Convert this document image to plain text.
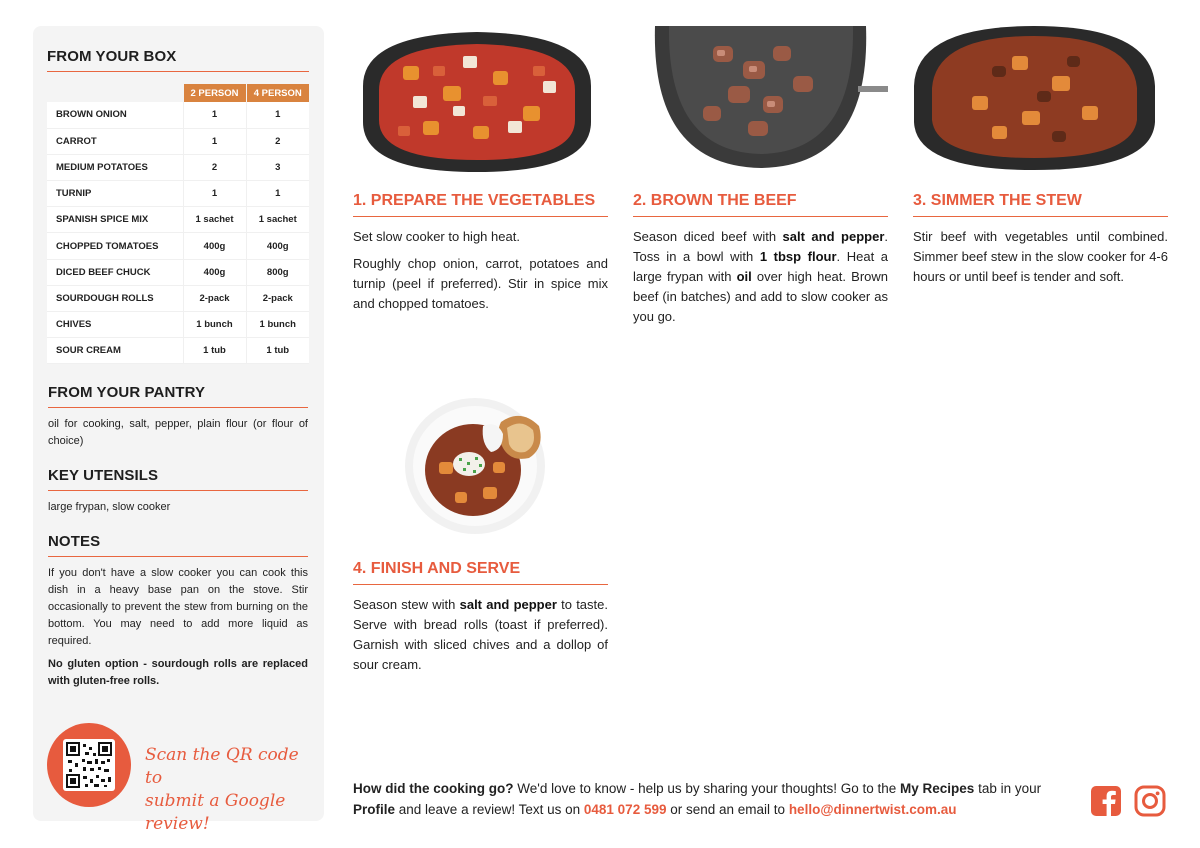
FROM YOUR BOX
	2 PERSON	4 PERSON
BROWN ONION	1	1
CARROT	1	2
MEDIUM POTATOES	2	3
TURNIP	1	1
SPANISH SPICE MIX	1 sachet	1 sachet
CHOPPED TOMATOES	400g	400g
DICED BEEF CHUCK	400g	800g
SOURDOUGH ROLLS	2-pack	2-pack
CHIVES	1 bunch	1 bunch
SOUR CREAM	1 tub	1 tub
FROM YOUR PANTRY
oil for cooking, salt, pepper, plain flour (or flour of choice)
KEY UTENSILS
large frypan, slow cooker
NOTES
If you don't have a slow cooker you can cook this dish in a heavy base pan on the stove. Stir occasionally to prevent the stew from burning on the bottom. You may need to add more liquid as required.
No gluten option - sourdough rolls are replaced with gluten-free rolls.
Scan the QR code to
submit a Google review!
1. PREPARE THE VEGETABLES
Set slow cooker to high heat.
Roughly chop onion, carrot, potatoes and turnip (peel if preferred). Stir in spice mix and chopped tomatoes.
2. BROWN THE BEEF
Season diced beef with salt and pepper. Toss in a bowl with 1 tbsp flour. Heat a large frypan with oil over high heat. Brown beef (in batches) and add to slow cooker as you go.
3. SIMMER THE STEW
Stir beef with vegetables until combined. Simmer beef stew in the slow cooker for 4-6 hours or until beef is tender and soft.
4. FINISH AND SERVE
Season stew with salt and pepper to taste. Serve with bread rolls (toast if preferred). Garnish with sliced chives and a dollop of sour cream.
How did the cooking go? We'd love to know - help us by sharing your thoughts! Go to the My Recipes tab in your Profile and leave a review! Text us on 0481 072 599 or send an email to hello@dinnertwist.com.au
